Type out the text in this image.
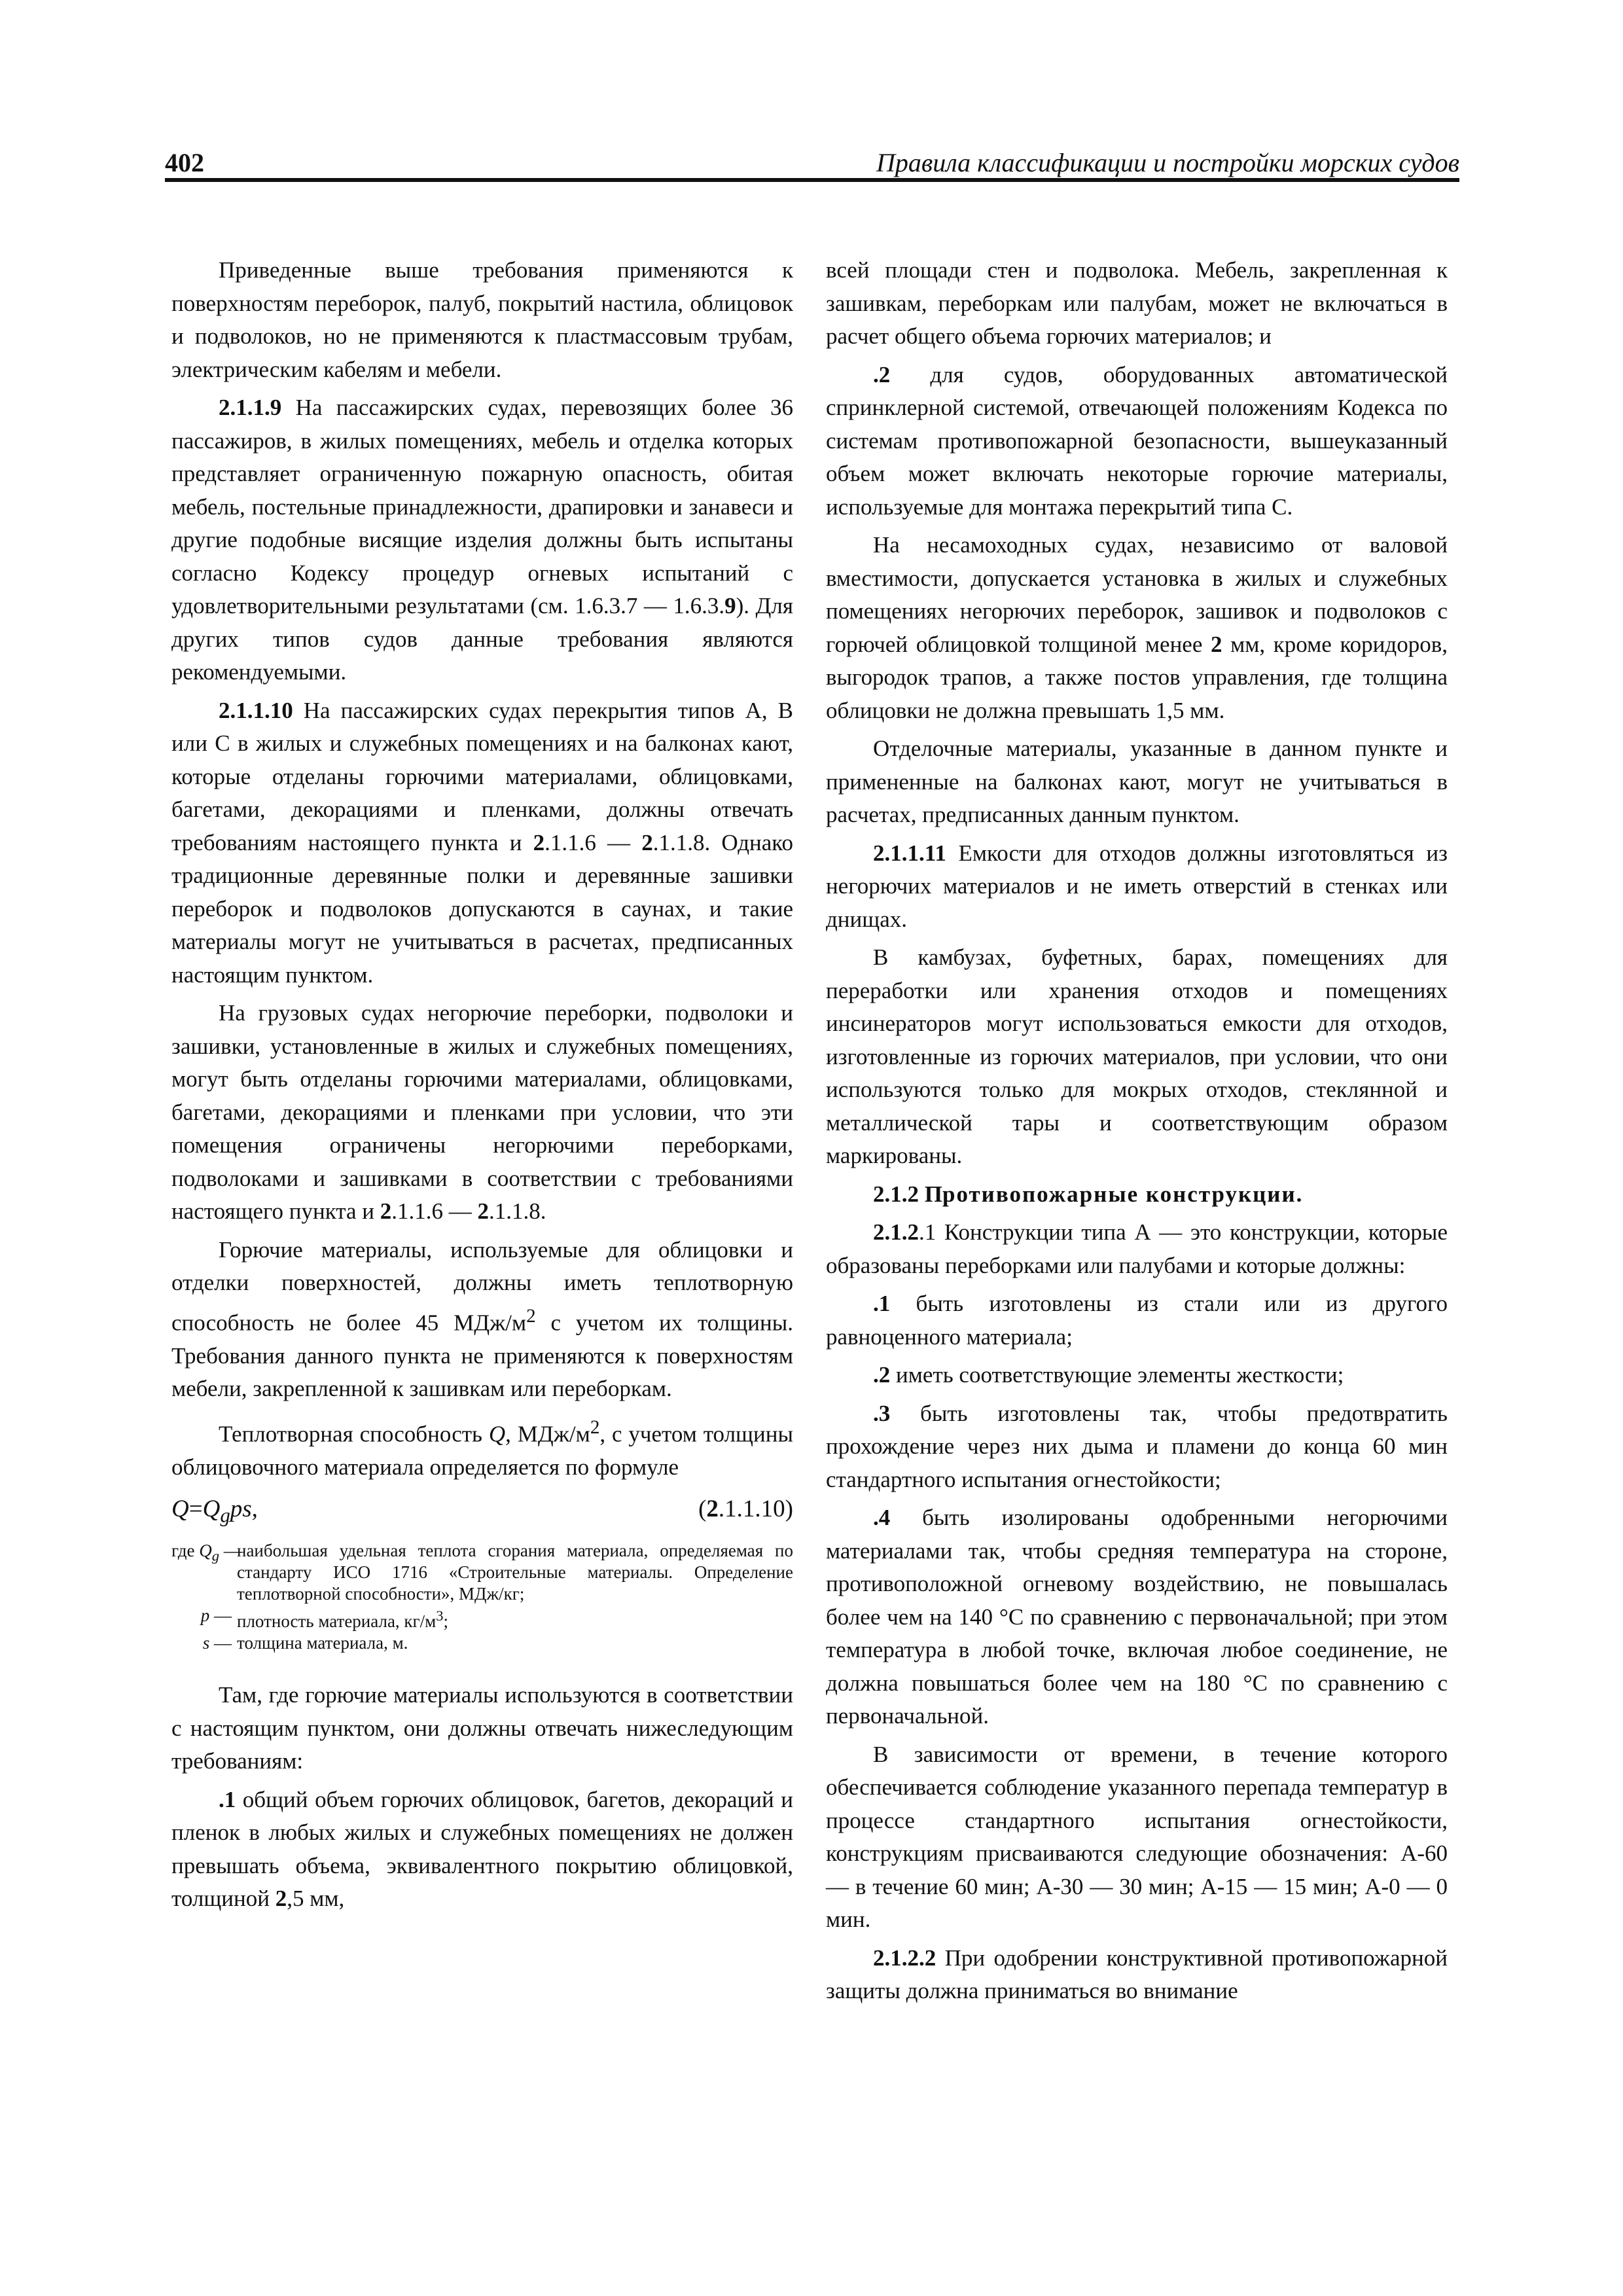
402	Правила классификации и постройки морских судов

Приведенные выше требования применяются к поверхностям переборок, палуб, покрытий настила, облицовок и подволоков, но не применяются к пластмассовым трубам, электрическим кабелям и мебели.

2.1.1.9 На пассажирских судах, перевозящих более 36 пассажиров, в жилых помещениях, мебель и отделка которых представляет ограниченную пожарную опасность, обитая мебель, постельные принадлежности, драпировки и занавеси и другие подобные висящие изделия должны быть испытаны согласно Кодексу процедур огневых испытаний с удовлетворительными результатами (см. 1.6.3.7 — 1.6.3.9). Для других типов судов данные требования являются рекомендуемыми.

2.1.1.10 На пассажирских судах перекрытия типов А, В или С в жилых и служебных помещениях и на балконах кают, которые отделаны горючими материалами, облицовками, багетами, декорациями и пленками, должны отвечать требованиям настоящего пункта и 2.1.1.6 — 2.1.1.8. Однако традиционные деревянные полки и деревянные зашивки переборок и подволоков допускаются в саунах, и такие материалы могут не учитываться в расчетах, предписанных настоящим пунктом.

На грузовых судах негорючие переборки, подволоки и зашивки, установленные в жилых и служебных помещениях, могут быть отделаны горючими материалами, облицовками, багетами, декорациями и пленками при условии, что эти помещения ограничены негорючими переборками, подволоками и зашивками в соответствии с требованиями настоящего пункта и 2.1.1.6 — 2.1.1.8.

Горючие материалы, используемые для облицовки и отделки поверхностей, должны иметь теплотворную способность не более 45 МДж/$м^2$ с учетом их толщины. Требования данного пункта не применяются к поверхностям мебели, закрепленной к зашивкам или переборкам.

Теплотворная способность Q, МДж/$м^2$, с учетом толщины облицовочного материала определяется по формуле

$Q=Q_gps$,	(2.1.1.10)
где $Q_g$ —
наибольшая удельная теплота сгорания материала, определяемая по стандарту ИСО 1716 «Строительные материалы. Определение теплотворной способности», МДж/кг;
p — плотность материала, $кг/м^3$;
s — толщина материала, м.

Там, где горючие материалы используются в соответствии с настоящим пунктом, они должны отвечать нижеследующим требованиям:

.1 общий объем горючих облицовок, багетов, декораций и пленок в любых жилых и служебных помещениях не должен превышать объема, эквивалентного покрытию облицовкой, толщиной 2,5 мм,

всей площади стен и подволока. Мебель, закрепленная к зашивкам, переборкам или палубам, может не включаться в расчет общего объема горючих материалов; и

.2 для судов, оборудованных автоматической спринклерной системой, отвечающей положениям Кодекса по системам противопожарной безопасности, вышеуказанный объем может включать некоторые горючие материалы, используемые для монтажа перекрытий типа С.

На несамоходных судах, независимо от валовой вместимости, допускается установка в жилых и служебных помещениях негорючих переборок, зашивок и подволоков с горючей облицовкой толщиной менее 2 мм, кроме коридоров, выгородок трапов, а также постов управления, где толщина облицовки не должна превышать 1,5 мм.

Отделочные материалы, указанные в данном пункте и примененные на балконах кают, могут не учитываться в расчетах, предписанных данным пунктом.

2.1.1.11 Емкости для отходов должны изготовляться из негорючих материалов и не иметь отверстий в стенках или днищах.

В камбузах, буфетных, барах, помещениях для переработки или хранения отходов и помещениях инсинераторов могут использоваться емкости для отходов, изготовленные из горючих материалов, при условии, что они используются только для мокрых отходов, стеклянной и металлической тары и соответствующим образом маркированы.

2.1.2 Противопожарные конструкции.

2.1.2.1 Конструкции типа А — это конструкции, которые образованы переборками или палубами и которые должны:

.1 быть изготовлены из стали или из другого равноценного материала;

.2 иметь соответствующие элементы жесткости;

.3 быть изготовлены так, чтобы предотвратить прохождение через них дыма и пламени до конца 60 мин стандартного испытания огнестойкости;

.4 быть изолированы одобренными негорючими материалами так, чтобы средняя температура на стороне, противоположной огневому воздействию, не повышалась более чем на 140 °С по сравнению с первоначальной; при этом температура в любой точке, включая любое соединение, не должна повышаться более чем на 180 °С по сравнению с первоначальной.

В зависимости от времени, в течение которого обеспечивается соблюдение указанного перепада температур в процессе стандартного испытания огнестойкости, конструкциям присваиваются следующие обозначения: А-60 — в течение 60 мин; А-30 — 30 мин; А-15 — 15 мин; А-0 — 0 мин.

2.1.2.2 При одобрении конструктивной противопожарной защиты должна приниматься во внимание
